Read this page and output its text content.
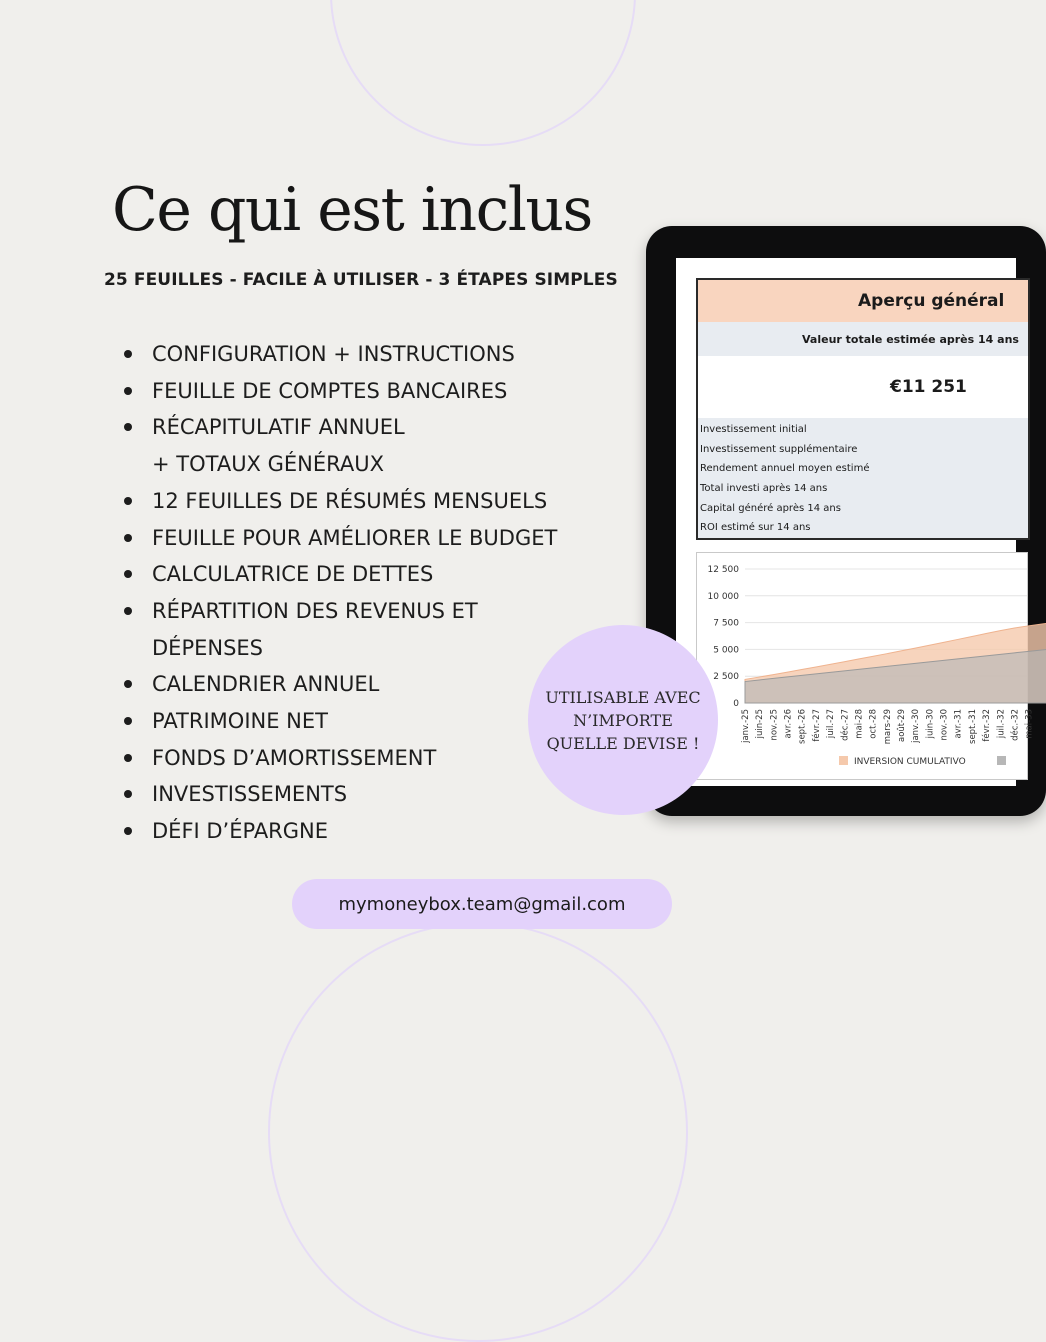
Ce qui est inclus

25 FEUILLES - FACILE À UTILISER - 3 ÉTAPES SIMPLES

CONFIGURATION + INSTRUCTIONS
FEUILLE DE COMPTES BANCAIRES
RÉCAPITULATIF ANNUEL
+ TOTAUX GÉNÉRAUX
12 FEUILLES DE RÉSUMÉS MENSUELS
FEUILLE POUR AMÉLIORER LE BUDGET
CALCULATRICE DE DETTES
RÉPARTITION DES REVENUS ET
DÉPENSES
CALENDRIER ANNUEL
PATRIMOINE NET
FONDS D’AMORTISSEMENT
INVESTISSEMENTS
DÉFI D’ÉPARGNE
Aperçu général
Valeur totale estimée après 14 ans
€11 251
Investissement initial
Investissement supplémentaire
Rendement annuel moyen estimé
Total investi après 14 ans
Capital généré après 14 ans
ROI estimé sur 14 ans
12 500
10 000
7 500
5 000
2 500
0
janv.-25 juin-25 nov.-25 avr.-26 sept.-26 févr.-27 juil.-27 déc.-27 mai-28 oct.-28 mars-29 août-29 janv.-30 juin-30 nov.-30 avr.-31 sept.-31 févr.-32 juil.-32 déc.-32 mai-33
INVERSION CUMULATIVO
UTILISABLE AVEC
N’IMPORTE
QUELLE DEVISE !
mymoneybox.team@gmail.com
